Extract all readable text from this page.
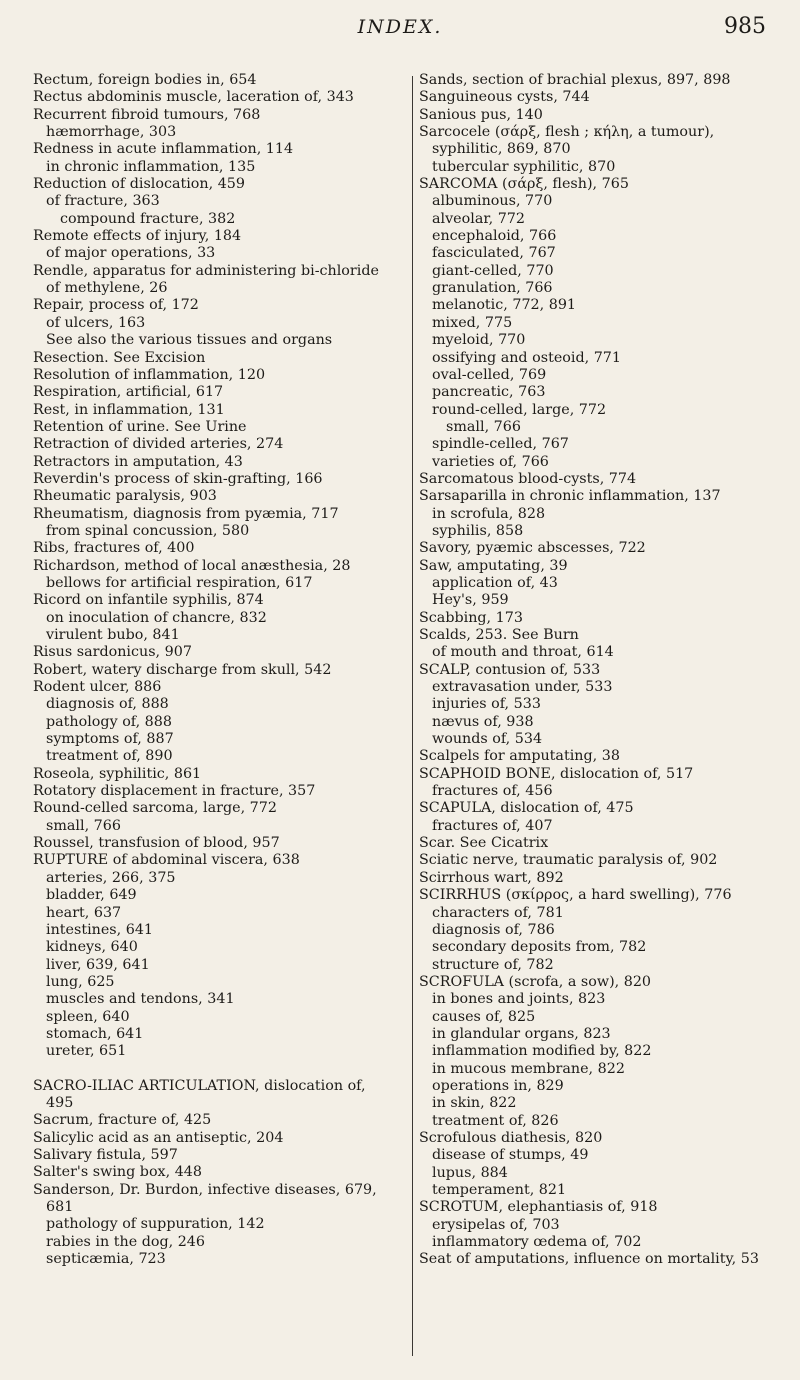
INDEX.	985

Rectum, foreign bodies in, 654

Rectus abdominis muscle, laceration of, 343

Recurrent fibroid tumours, 768

hæmorrhage, 303

Redness in acute inflammation, 114

in chronic inflammation, 135

Reduction of dislocation, 459

of fracture, 363

compound fracture, 382

Remote effects of injury, 184

of major operations, 33

Rendle, apparatus for administering bi-chloride of methylene, 26

Repair, process of, 172

of ulcers, 163

See also the various tissues and organs

Resection. See Excision

Resolution of inflammation, 120

Respiration, artificial, 617

Rest, in inflammation, 131

Retention of urine. See Urine

Retraction of divided arteries, 274

Retractors in amputation, 43

Reverdin's process of skin-grafting, 166

Rheumatic paralysis, 903

Rheumatism, diagnosis from pyæmia, 717

from spinal concussion, 580

Ribs, fractures of, 400

Richardson, method of local anæsthesia, 28

bellows for artificial respiration, 617

Ricord on infantile syphilis, 874

on inoculation of chancre, 832

virulent bubo, 841

Risus sardonicus, 907

Robert, watery discharge from skull, 542

Rodent ulcer, 886

diagnosis of, 888

pathology of, 888

symptoms of, 887

treatment of, 890

Roseola, syphilitic, 861

Rotatory displacement in fracture, 357

Round-celled sarcoma, large, 772

small, 766

Roussel, transfusion of blood, 957

RUPTURE of abdominal viscera, 638

arteries, 266, 375

bladder, 649

heart, 637

intestines, 641

kidneys, 640

liver, 639, 641

lung, 625

muscles and tendons, 341

spleen, 640

stomach, 641

ureter, 651

SACRO-ILIAC ARTICULATION, dislocation of, 495

Sacrum, fracture of, 425

Salicylic acid as an antiseptic, 204

Salivary fistula, 597

Salter's swing box, 448

Sanderson, Dr. Burdon, infective diseases, 679, 681

pathology of suppuration, 142

rabies in the dog, 246

septicæmia, 723

Sands, section of brachial plexus, 897, 898

Sanguineous cysts, 744

Sanious pus, 140

Sarcocele (σάρξ, flesh ; κήλη, a tumour), syphilitic, 869, 870

tubercular syphilitic, 870

SARCOMA (σάρξ, flesh), 765

albuminous, 770

alveolar, 772

encephaloid, 766

fasciculated, 767

giant-celled, 770

granulation, 766

melanotic, 772, 891

mixed, 775

myeloid, 770

ossifying and osteoid, 771

oval-celled, 769

pancreatic, 763

round-celled, large, 772

small, 766

spindle-celled, 767

varieties of, 766

Sarcomatous blood-cysts, 774

Sarsaparilla in chronic inflammation, 137

in scrofula, 828

syphilis, 858

Savory, pyæmic abscesses, 722

Saw, amputating, 39

application of, 43

Hey's, 959

Scabbing, 173

Scalds, 253. See Burn

of mouth and throat, 614

SCALP, contusion of, 533

extravasation under, 533

injuries of, 533

nævus of, 938

wounds of, 534

Scalpels for amputating, 38

SCAPHOID BONE, dislocation of, 517

fractures of, 456

SCAPULA, dislocation of, 475

fractures of, 407

Scar. See Cicatrix

Sciatic nerve, traumatic paralysis of, 902

Scirrhous wart, 892

SCIRRHUS (σκίρρος, a hard swelling), 776

characters of, 781

diagnosis of, 786

secondary deposits from, 782

structure of, 782

SCROFULA (scrofa, a sow), 820

in bones and joints, 823

causes of, 825

in glandular organs, 823

inflammation modified by, 822

in mucous membrane, 822

operations in, 829

in skin, 822

treatment of, 826

Scrofulous diathesis, 820

disease of stumps, 49

lupus, 884

temperament, 821

SCROTUM, elephantiasis of, 918

erysipelas of, 703

inflammatory œdema of, 702

Seat of amputations, influence on mortality, 53
